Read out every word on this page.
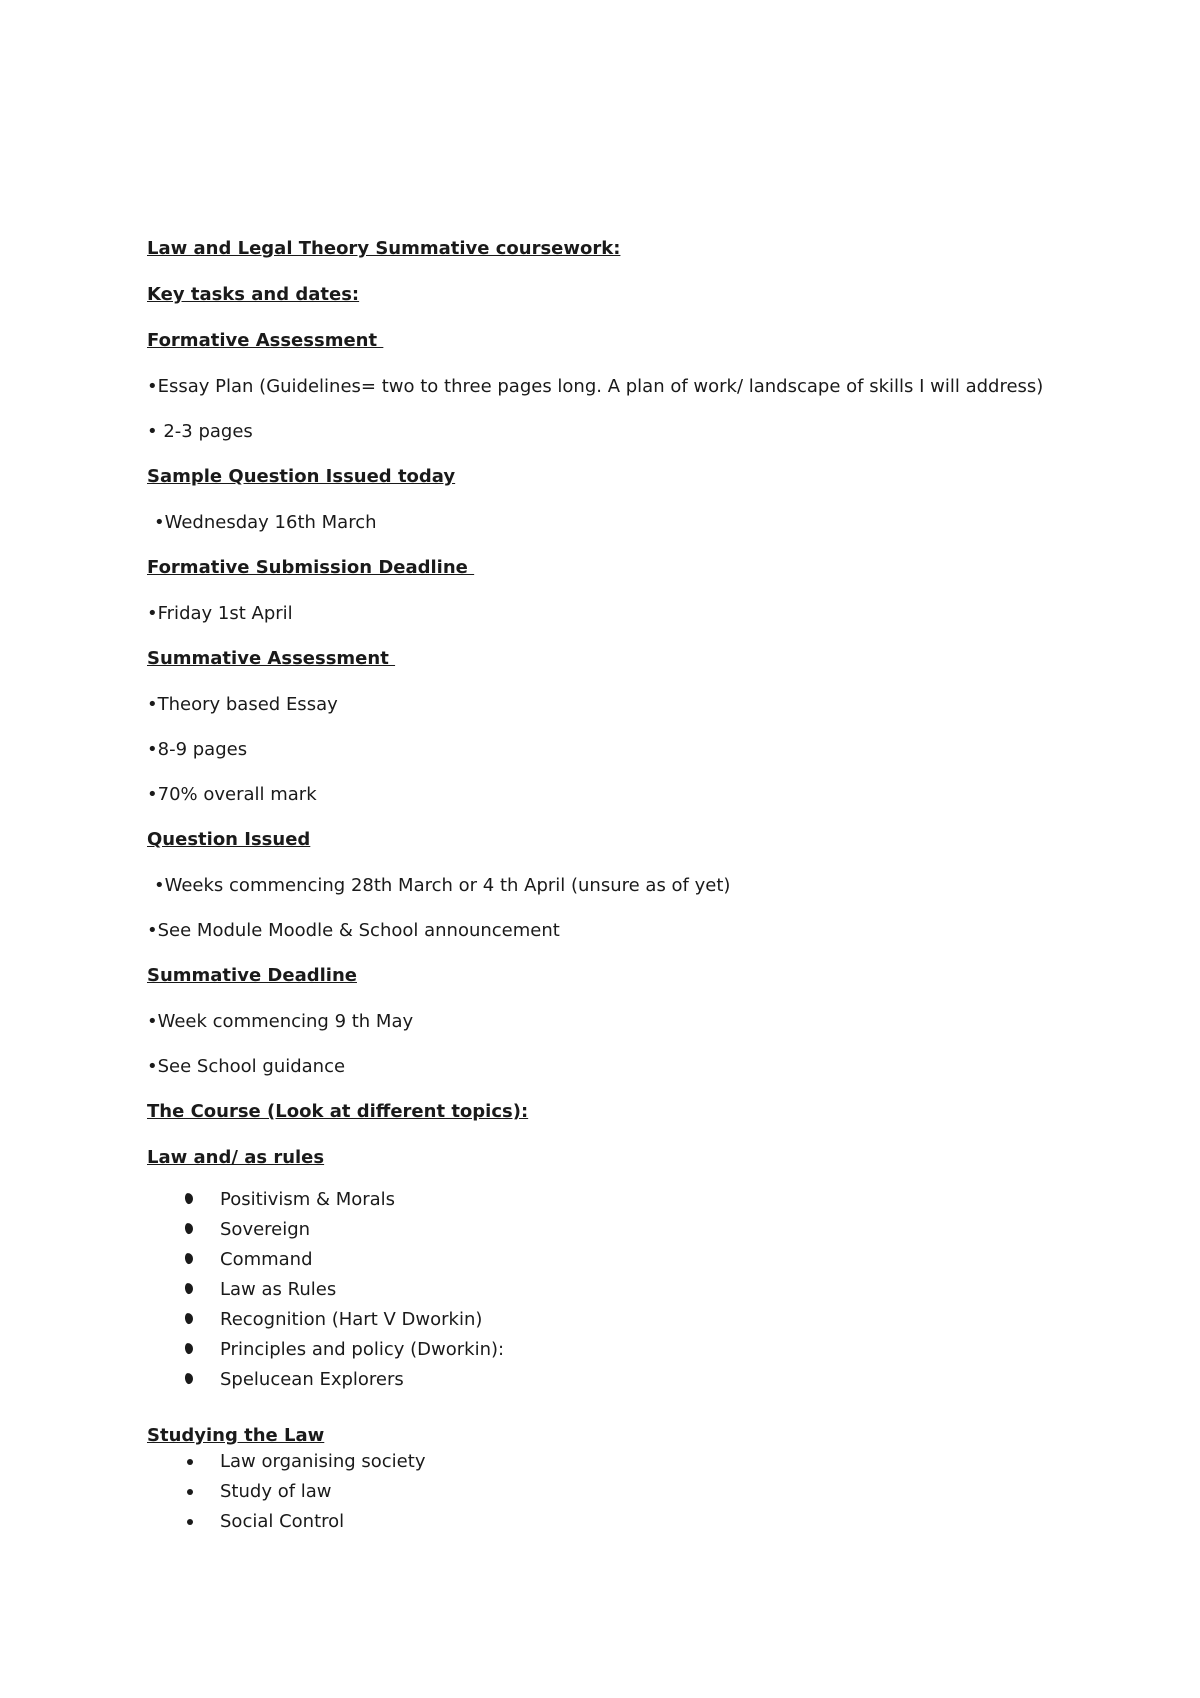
Law and Legal Theory Summative coursework:
Key tasks and dates:
Formative Assessment
•Essay Plan (Guidelines= two to three pages long. A plan of work/ landscape of skills I will address)
• 2-3 pages
Sample Question Issued today
•Wednesday 16th March
Formative Submission Deadline
•Friday 1st April
Summative Assessment
•Theory based Essay
•8-9 pages
•70% overall mark
Question Issued
•Weeks commencing 28th March or 4 th April (unsure as of yet)
•See Module Moodle & School announcement
Summative Deadline
•Week commencing 9 th May
•See School guidance
The Course (Look at different topics):
Law and/ as rules
Positivism & Morals
Sovereign
Command
Law as Rules
Recognition (Hart V Dworkin)
Principles and policy (Dworkin):
Spelucean Explorers
Studying the Law
Law organising society
Study of law
Social Control
